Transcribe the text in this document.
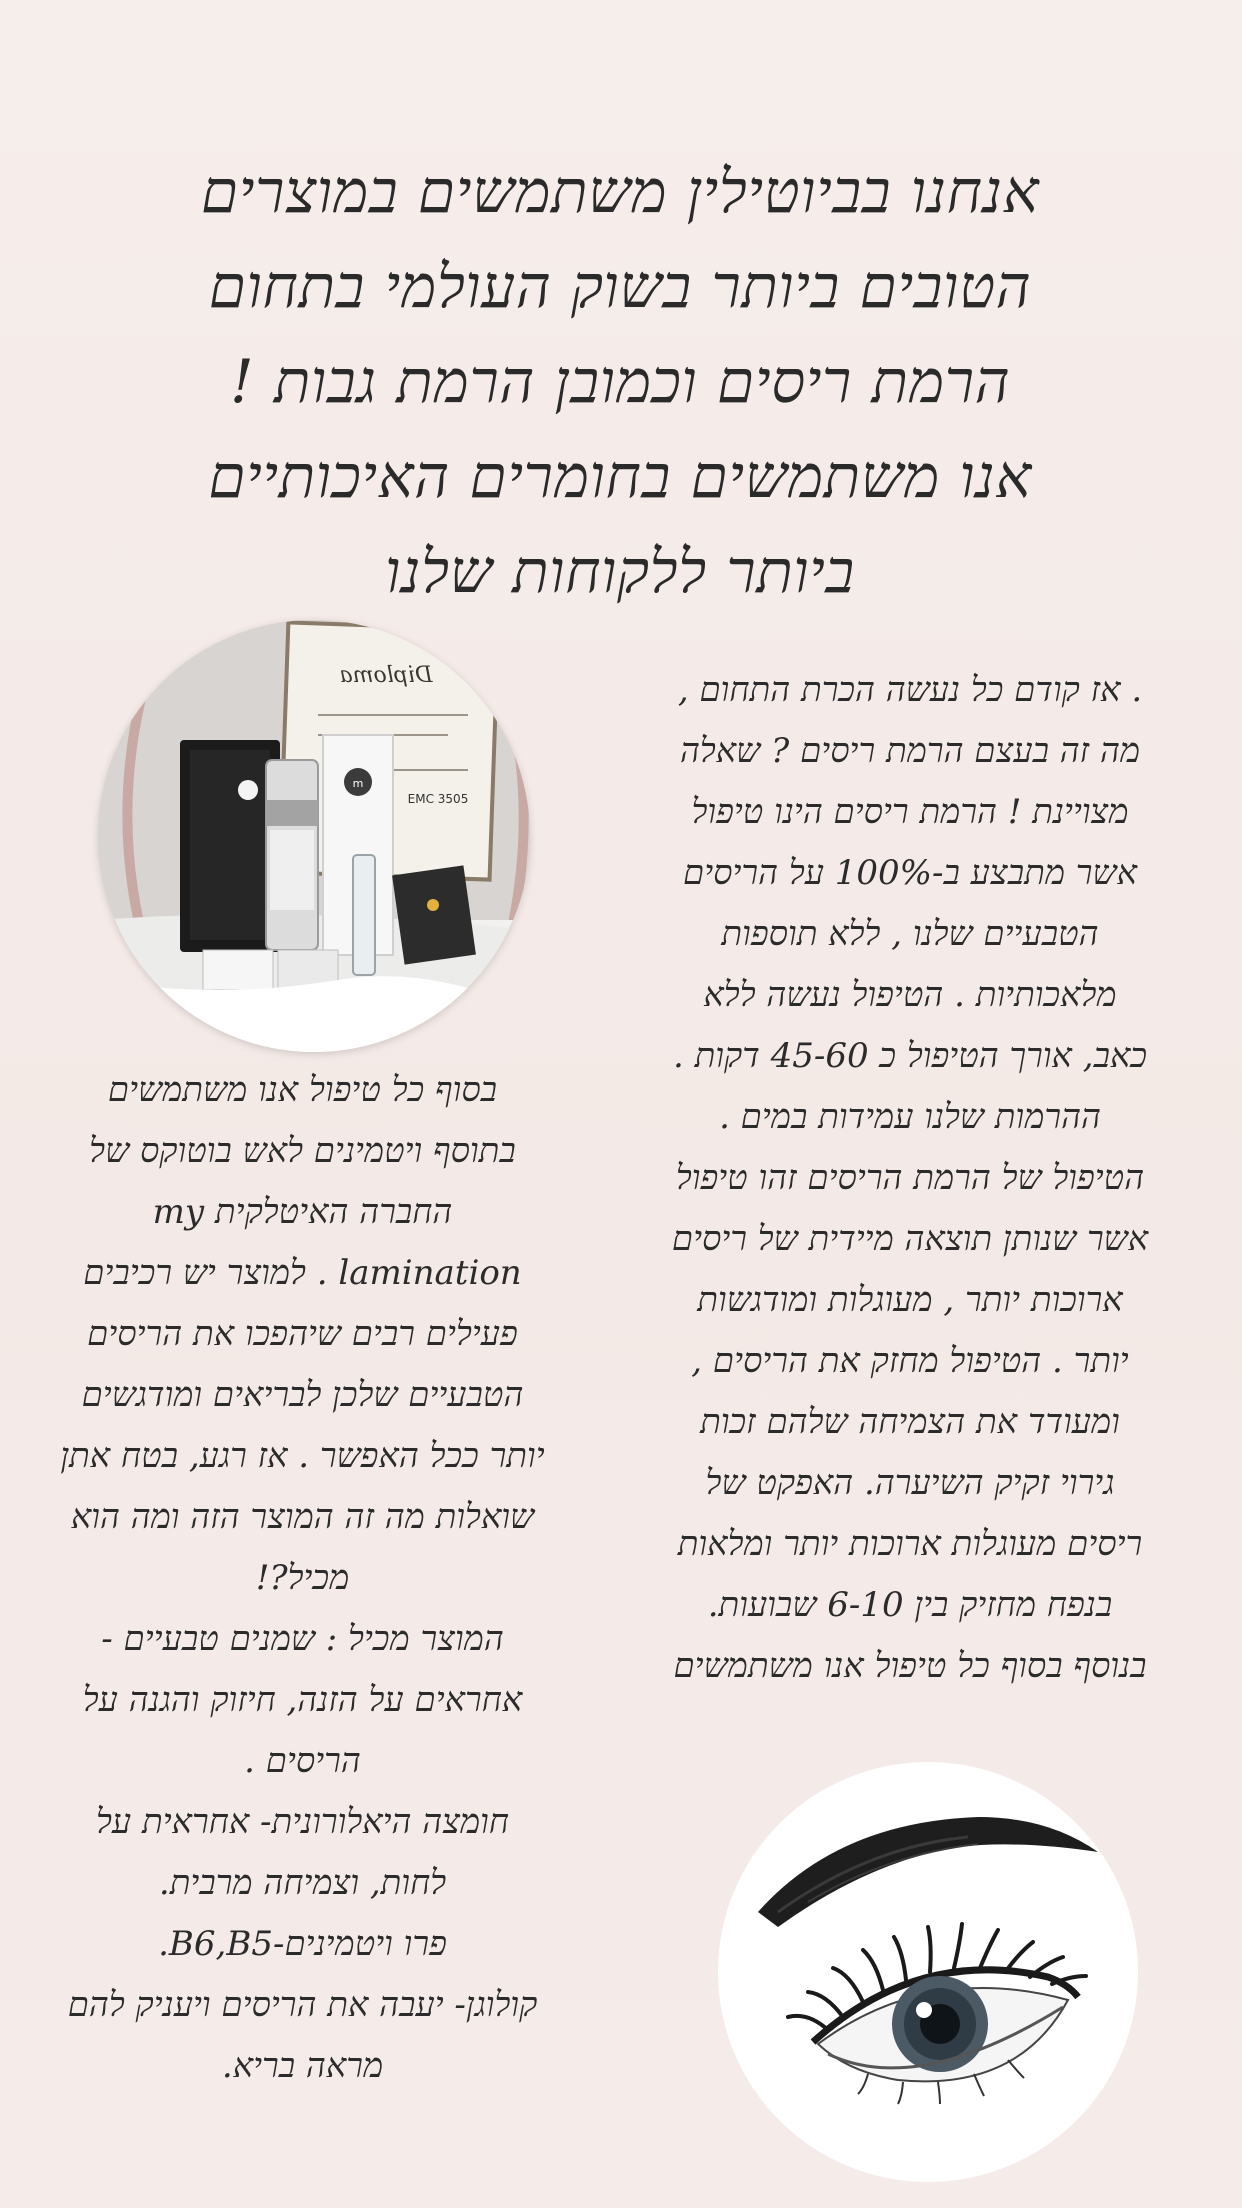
אנחנו בביוטילין משתמשים במוצרים
הטובים ביותר בשוק העולמי בתחום
הרמת ריסים וכמובן הרמת גבות !
אנו משתמשים בחומרים האיכותיים
ביותר ללקוחות שלנו
Diploma
EMC 3505
m
. אז קודם כל נעשה הכרת התחום ,
מה זה בעצם הרמת ריסים ? שאלה
מצויינת ! הרמת ריסים הינו טיפול
אשר מתבצע ב-100% על הריסים
הטבעיים שלנו , ללא תוספות
מלאכותיות . הטיפול נעשה ללא
כאב, אורך הטיפול כ 45-60 דקות .
ההרמות שלנו עמידות במים .
הטיפול של הרמת הריסים זהו טיפול
אשר שנותן תוצאה מיידית של ריסים
ארוכות יותר , מעוגלות ומודגשות
יותר . הטיפול מחזק את הריסים ,
ומעודד את הצמיחה שלהם זכות
גירוי זקיק השיערה. האפקט של
ריסים מעוגלות ארוכות יותר ומלאות
בנפח מחזיק בין 6-10 שבועות.
בנוסף בסוף כל טיפול אנו משתמשים
בסוף כל טיפול אנו משתמשים
בתוסף ויטמינים לאש בוטוקס של
החברה האיטלקית my
lamination . למוצר יש רכיבים
פעילים רבים שיהפכו את הריסים
הטבעיים שלכן לבריאים ומודגשים
יותר ככל האפשר . אז רגע, בטח אתן
שואלות מה זה המוצר הזה ומה הוא
מכיל?!
המוצר מכיל : שמנים טבעיים -
אחראים על הזנה, חיזוק והגנה על
הריסים .
חומצה היאלורונית- אחראית על
לחות, וצמיחה מרבית.
פרו ויטמינים-B6,B5.
קולוגן- יעבה את הריסים ויעניק להם
מראה בריא.
